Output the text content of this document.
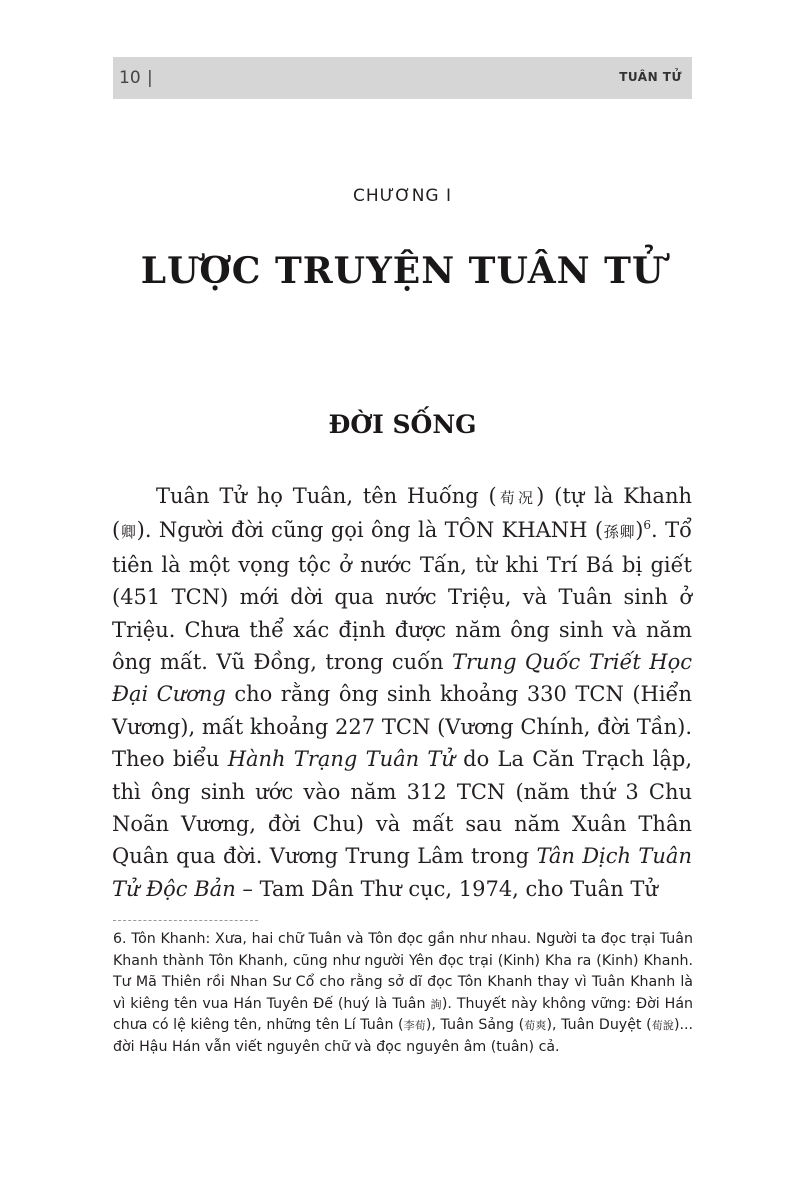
10 |	TUÂN TỬ
CHƯƠNG I
LƯỢC TRUYỆN TUÂN TỬ
ĐỜI SỐNG

Tuân Tử họ Tuân, tên Huống (荀况) (tự là Khanh (卿). Người đời cũng gọi ông là TÔN KHANH (孫卿)$^6$. Tổ tiên là một vọng tộc ở nước Tấn, từ khi Trí Bá bị giết (451 TCN) mới dời qua nước Triệu, và Tuân sinh ở Triệu. Chưa thể xác định được năm ông sinh và năm ông mất. Vũ Đồng, trong cuốn Trung Quốc Triết Học Đại Cương cho rằng ông sinh khoảng 330 TCN (Hiển Vương), mất khoảng 227 TCN (Vương Chính, đời Tần). Theo biểu Hành Trạng Tuân Tử do La Căn Trạch lập, thì ông sinh ước vào năm 312 TCN (năm thứ 3 Chu Noãn Vương, đời Chu) và mất sau năm Xuân Thân Quân qua đời. Vương Trung Lâm trong Tân Dịch Tuân Tử Độc Bản – Tam Dân Thư cục, 1974, cho Tuân Tử

6. Tôn Khanh: Xưa, hai chữ Tuân và Tôn đọc gần như nhau. Người ta đọc trại Tuân Khanh thành Tôn Khanh, cũng như người Yên đọc trại (Kinh) Kha ra (Kinh) Khanh. Tư Mã Thiên rồi Nhan Sư Cổ cho rằng sở dĩ đọc Tôn Khanh thay vì Tuân Khanh là vì kiêng tên vua Hán Tuyên Đế (huý là Tuân 詢). Thuyết này không vững: Đời Hán chưa có lệ kiêng tên, những tên Lí Tuân (李荀), Tuân Sảng (荀爽), Tuân Duyệt (荀說)... đời Hậu Hán vẫn viết nguyên chữ và đọc nguyên âm (tuân) cả.
